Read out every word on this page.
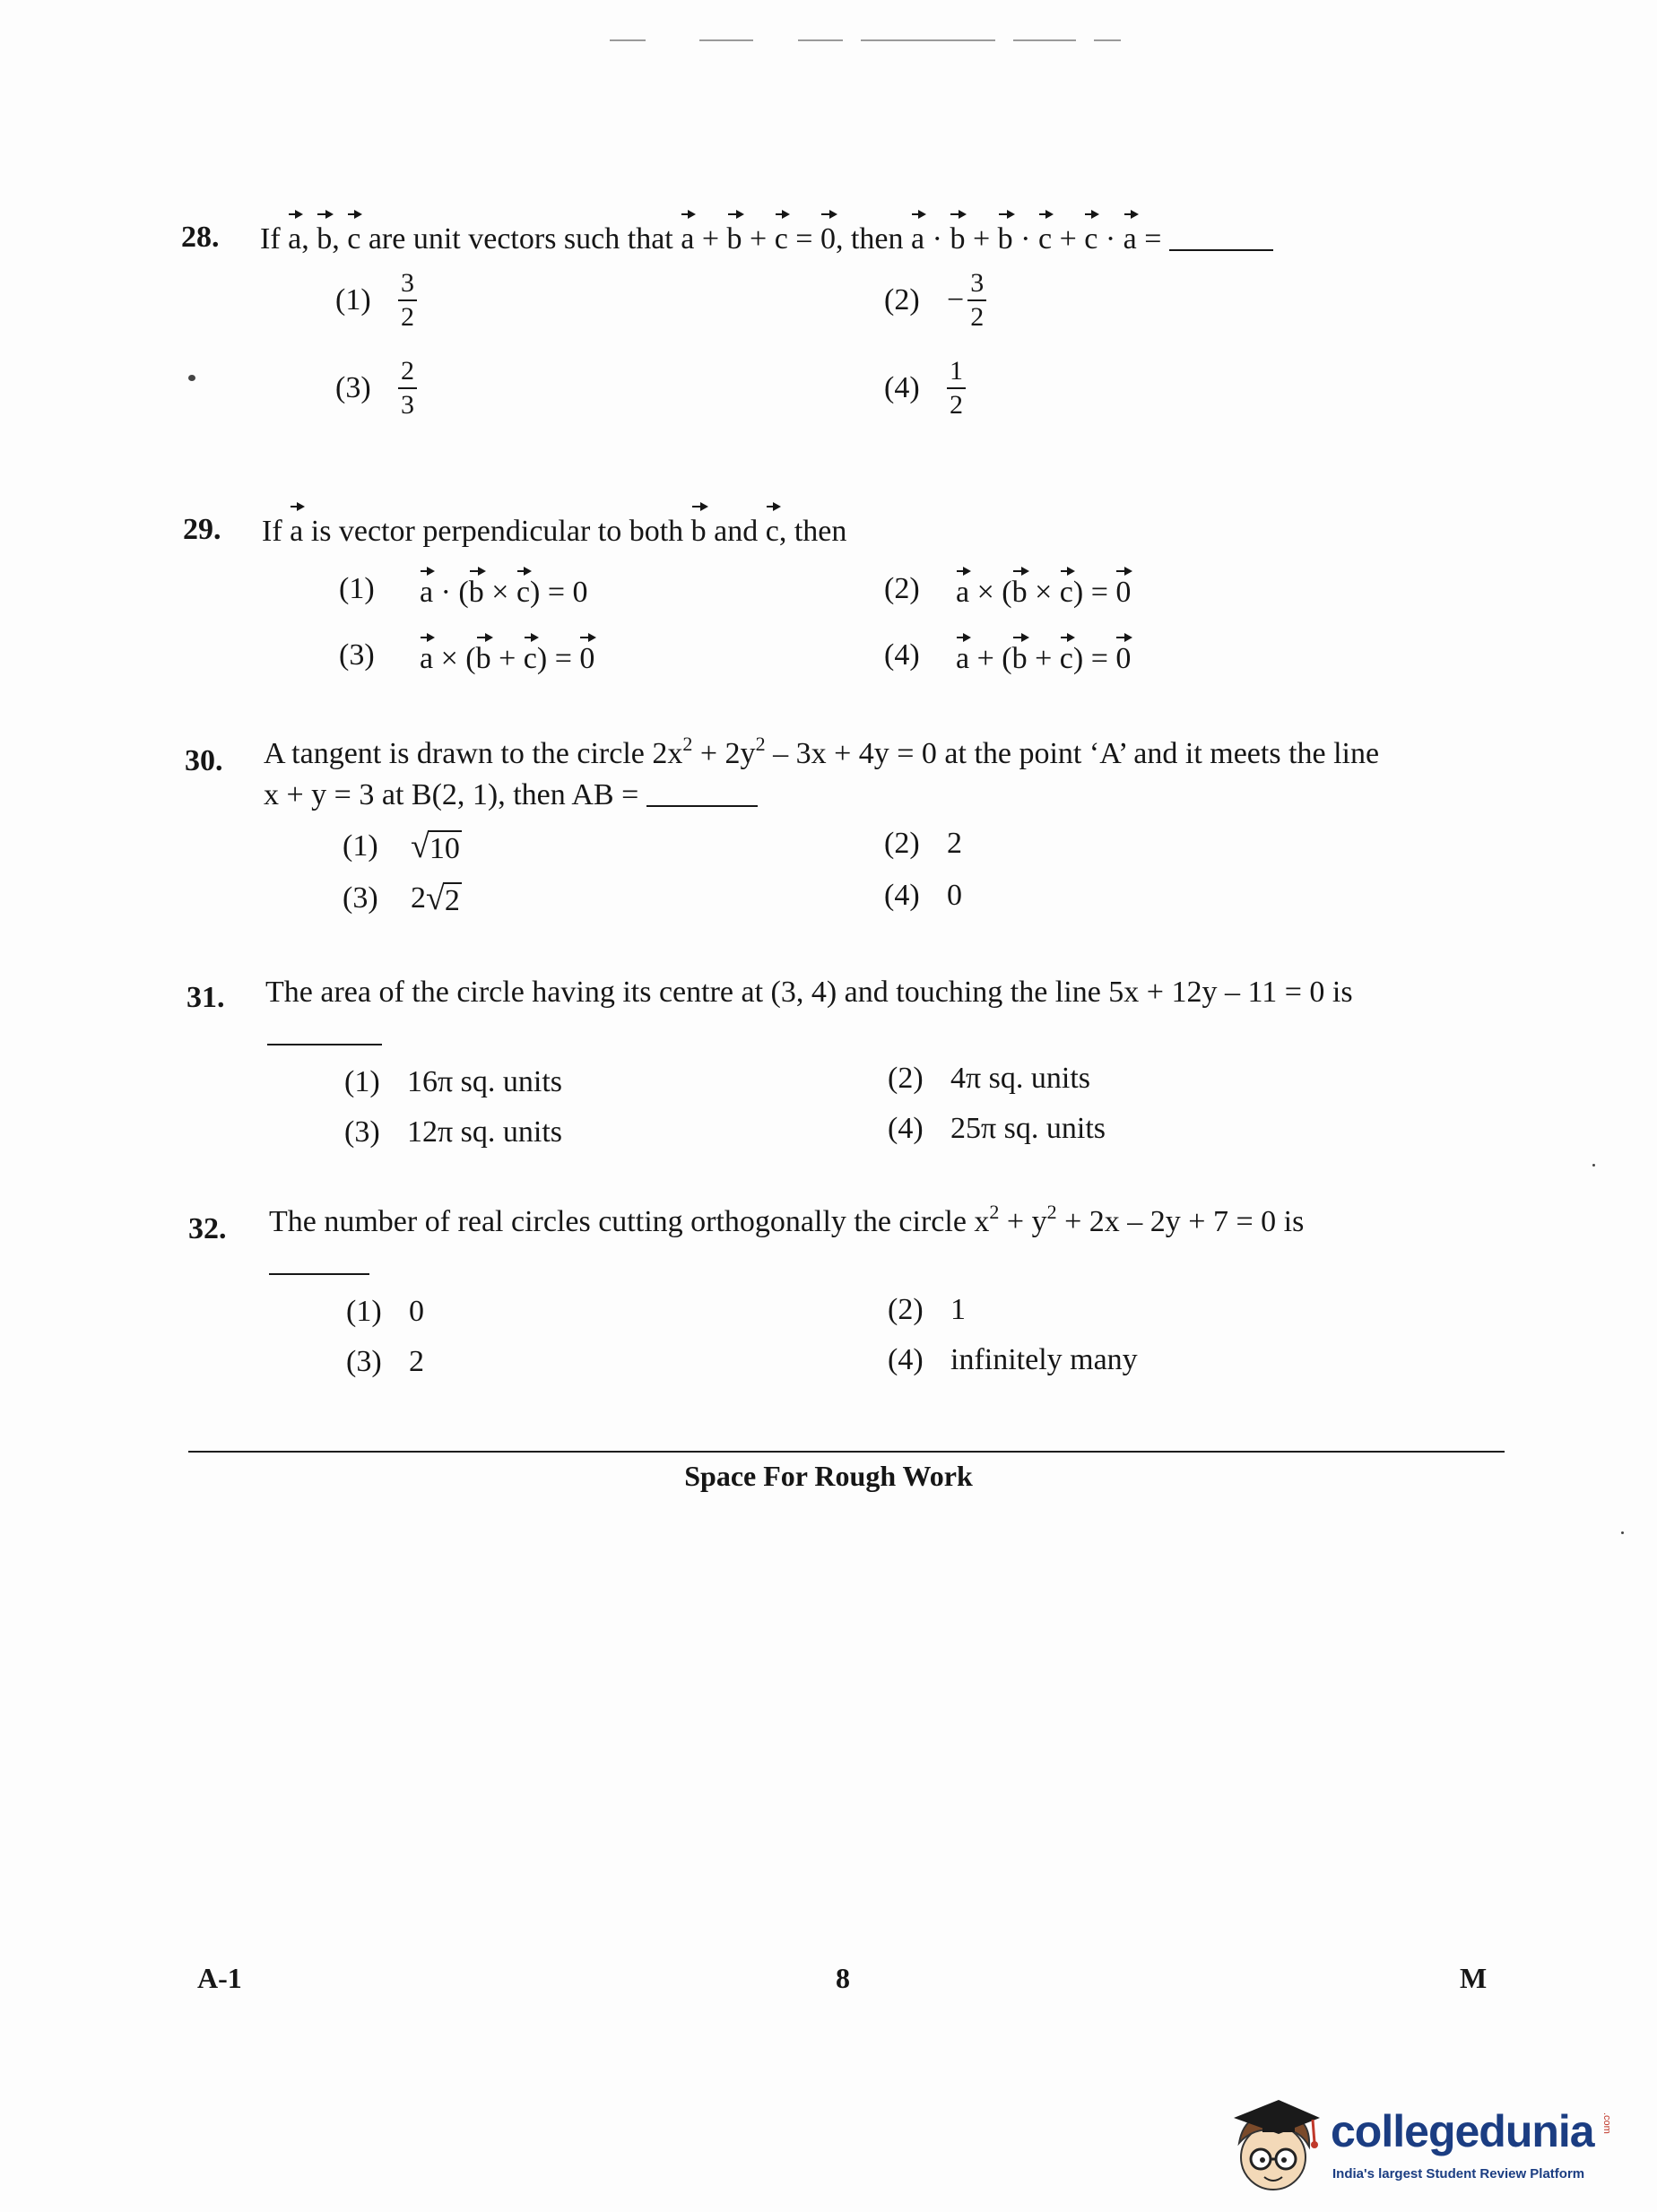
28. If a, b, c are unit vectors such that a + b + c = 0, then a · b + b · c + c · a =
(1)	$\frac{3}{2}$	$(2) - \frac{3}{2}$
(3)	$\frac{2}{3}$	(4)	$\frac{1}{2}$
29. If a is vector perpendicular to both b and c, then
(1)	a · (b × c) = 0	(2)	a × (b × c) = 0
(3)	a × (b + c) = 0	(4)	a + (b + c) = 0
30. A tangent is drawn to the circle $2x^2 + 2y^2 - 3x + 4y = 0$ at the point ‘A’ and it meets the line
x + y = 3 at B(2, 1), then AB =
(1) √ 10	(2) 2
(3)	2 √ 2	(4) 0
31. The area of the circle having its centre at (3, 4) and touching the line 5x + 12y – 11 = 0 is
(1) 16π sq. units	(2) 4π sq. units
(3) 12π sq. units	(4) 25π sq. units
32. The number of real circles cutting orthogonally the circle $x^2 + y^2 + 2x - 2y + 7 = 0$ is
(1) 0	(2) 1
(3) 2	(4) infinitely many
Space For Rough Work
A-1	8	M
collegedunia .com
India's largest Student Review Platform
